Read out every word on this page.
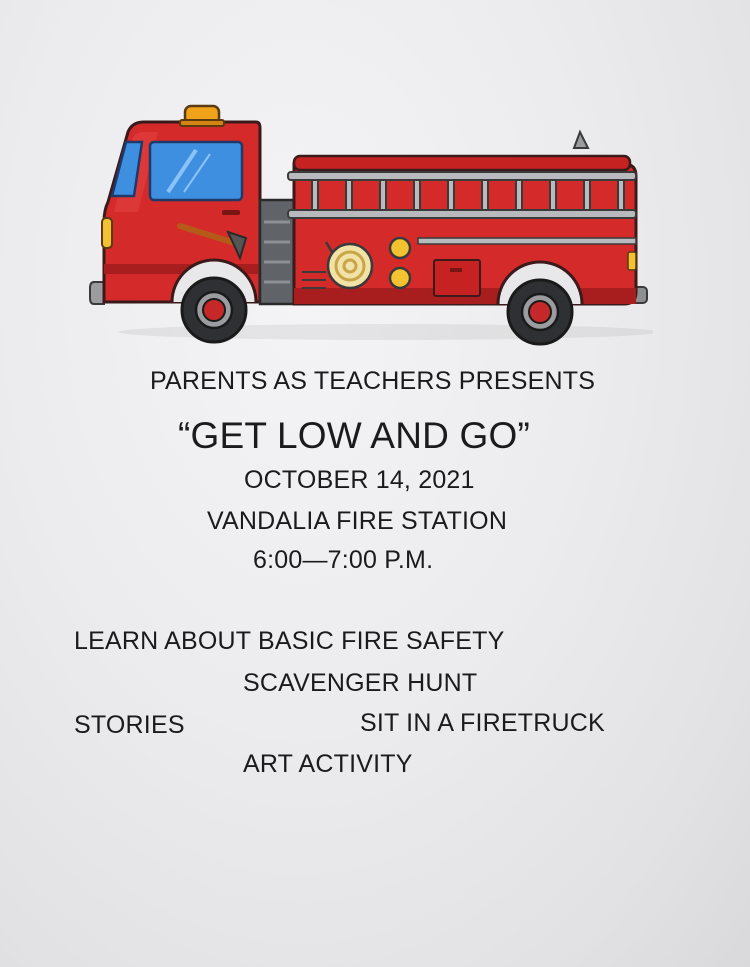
PARENTS AS TEACHERS PRESENTS
“GET LOW AND GO”
OCTOBER 14, 2021
VANDALIA FIRE STATION
6:00—7:00 P.M.
LEARN ABOUT BASIC FIRE SAFETY
SCAVENGER HUNT
STORIES	SIT IN A FIRETRUCK
ART ACTIVITY
